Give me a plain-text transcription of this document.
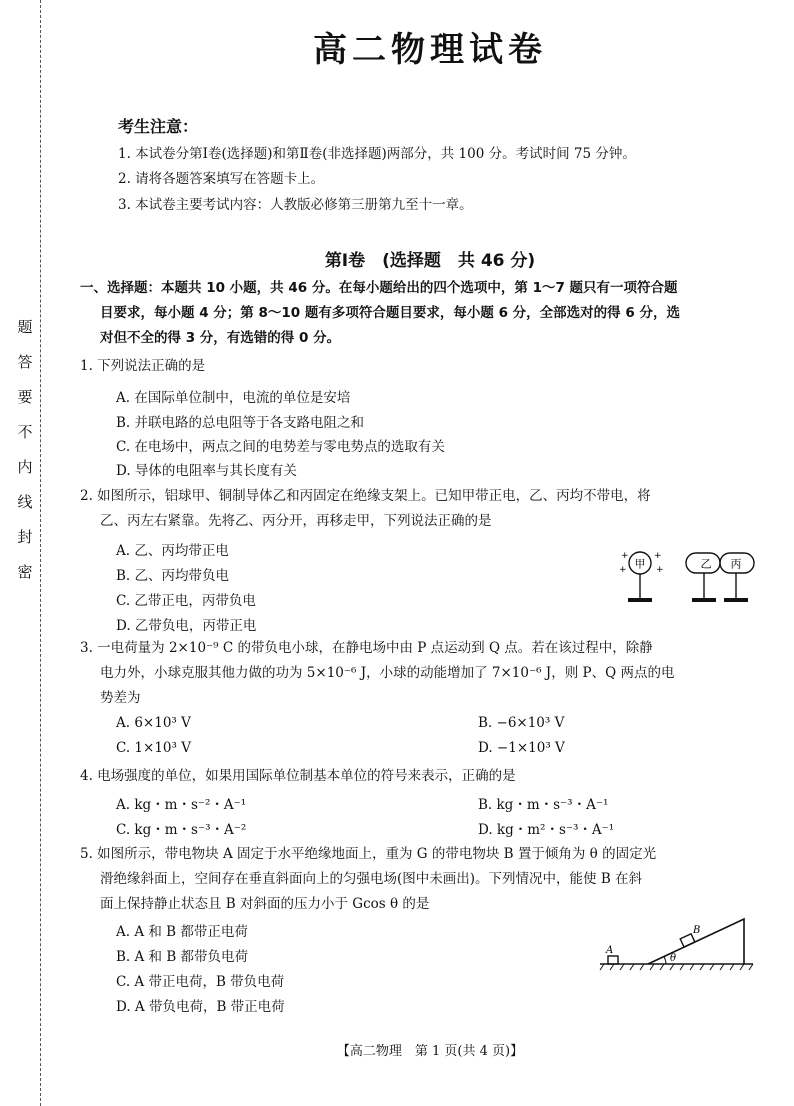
题
答
要
不
内
线
封
密
高二物理试卷
考生注意：
1. 本试卷分第Ⅰ卷(选择题)和第Ⅱ卷(非选择题)两部分，共 100 分。考试时间 75 分钟。
2. 请将各题答案填写在答题卡上。
3. 本试卷主要考试内容：人教版必修第三册第九至十一章。
第Ⅰ卷　(选择题　共 46 分)
一、选择题：本题共 10 小题，共 46 分。在每小题给出的四个选项中，第 1～7 题只有一项符合题
目要求，每小题 4 分；第 8～10 题有多项符合题目要求，每小题 6 分，全部选对的得 6 分，选
对但不全的得 3 分，有选错的得 0 分。
1. 下列说法正确的是
A. 在国际单位制中，电流的单位是安培
B. 并联电路的总电阻等于各支路电阻之和
C. 在电场中，两点之间的电势差与零电势点的选取有关
D. 导体的电阻率与其长度有关
2. 如图所示，铝球甲、铜制导体乙和丙固定在绝缘支架上。已知甲带正电，乙、丙均不带电，将
乙、丙左右紧靠。先将乙、丙分开，再移走甲，下列说法正确的是
A. 乙、丙均带正电
B. 乙、丙均带负电
C. 乙带正电，丙带负电
D. 乙带负电，丙带正电
甲
+	+
+	+	乙 丙
3. 一电荷量为 2×10⁻⁹ C 的带负电小球，在静电场中由 P 点运动到 Q 点。若在该过程中，除静
电力外，小球克服其他力做的功为 5×10⁻⁶ J，小球的动能增加了 7×10⁻⁶ J，则 P、Q 两点的电
势差为
A. 6×10³ V	B. −6×10³ V
C. 1×10³ V	D. −1×10³ V
4. 电场强度的单位，如果用国际单位制基本单位的符号来表示，正确的是
A. kg・m・s⁻²・A⁻¹	B. kg・m・s⁻³・A⁻¹
C. kg・m・s⁻³・A⁻²	D. kg・m²・s⁻³・A⁻¹
5. 如图所示，带电物块 A 固定于水平绝缘地面上，重为 G 的带电物块 B 置于倾角为 θ 的固定光
滑绝缘斜面上，空间存在垂直斜面向上的匀强电场(图中未画出)。下列情况中，能使 B 在斜
面上保持静止状态且 B 对斜面的压力小于 Gcos θ 的是
A. A 和 B 都带正电荷
B. A 和 B 都带负电荷
C. A 带正电荷，B 带负电荷
D. A 带负电荷，B 带正电荷
θ
A
B
【高二物理　第 1 页(共 4 页)】
